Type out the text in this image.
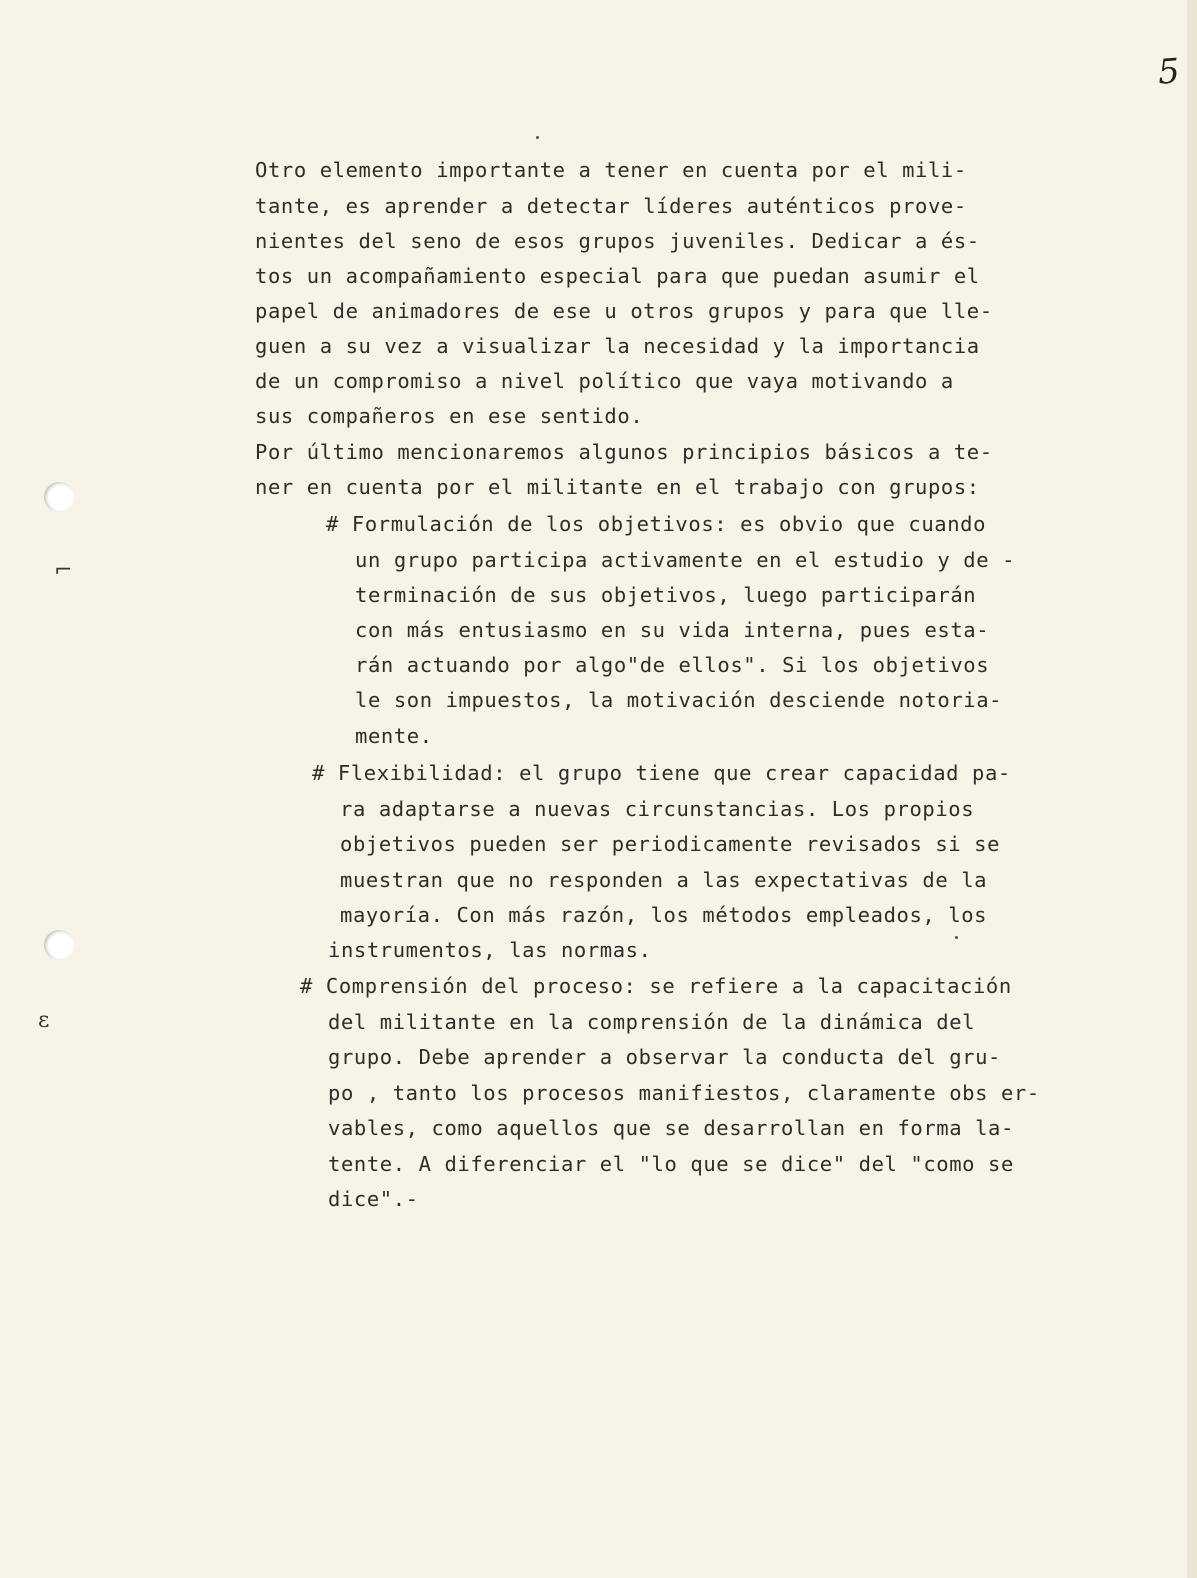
5
⌐
ɛ
Otro elemento importante a tener en cuenta por el mili-
tante, es aprender a detectar líderes auténticos prove-
nientes del seno de esos grupos juveniles. Dedicar a és-
tos un acompañamiento especial para que puedan asumir el
papel de animadores de ese u otros grupos y para que lle-
guen a su vez a visualizar la necesidad y la importancia
de un compromiso a nivel político que vaya motivando a
sus compañeros en ese sentido.
Por último mencionaremos algunos principios básicos a te-
ner en cuenta por el militante en el trabajo con grupos:
# Formulación de los objetivos: es obvio que cuando
un grupo participa activamente en el estudio y de -
terminación de sus objetivos, luego participarán
con más entusiasmo en su vida interna, pues esta-
rán actuando por algo"de ellos". Si los objetivos
le son impuestos, la motivación desciende notoria-
mente.
# Flexibilidad: el grupo tiene que crear capacidad pa-
ra adaptarse a nuevas circunstancias. Los propios
objetivos pueden ser periodicamente revisados si se
muestran que no responden a las expectativas de la
mayoría. Con más razón, los métodos empleados, los
instrumentos, las normas.
# Comprensión del proceso: se refiere a la capacitación
del militante en la comprensión de la dinámica del
grupo. Debe aprender a observar la conducta del gru-
po , tanto los procesos manifiestos, claramente obs er-
vables, como aquellos que se desarrollan en forma la-
tente. A diferenciar el "lo que se dice" del "como se
dice".-
